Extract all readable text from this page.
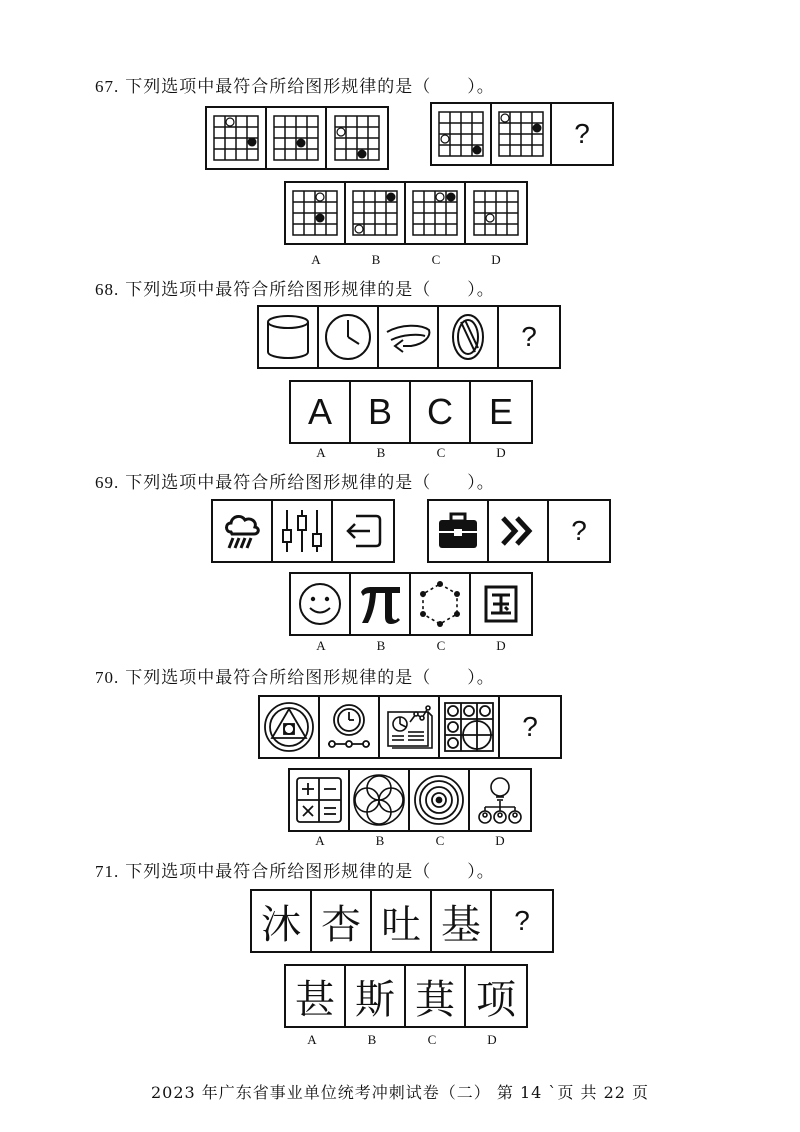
67. 下列选项中最符合所给图形规律的是（　　）。
?
A	B	C	D
68. 下列选项中最符合所给图形规律的是（　　）。
?
A B C E
A	B	C	D
69. 下列选项中最符合所给图形规律的是（　　）。
?
A	B	C	D
70. 下列选项中最符合所给图形规律的是（　　）。
?
A	B	C	D
71. 下列选项中最符合所给图形规律的是（　　）。
沐 杏 吐 基 ?
甚 斯 萁 项
A	B	C	D
2023 年广东省事业单位统考冲刺试卷（二） 第 14 `页 共 22 页
